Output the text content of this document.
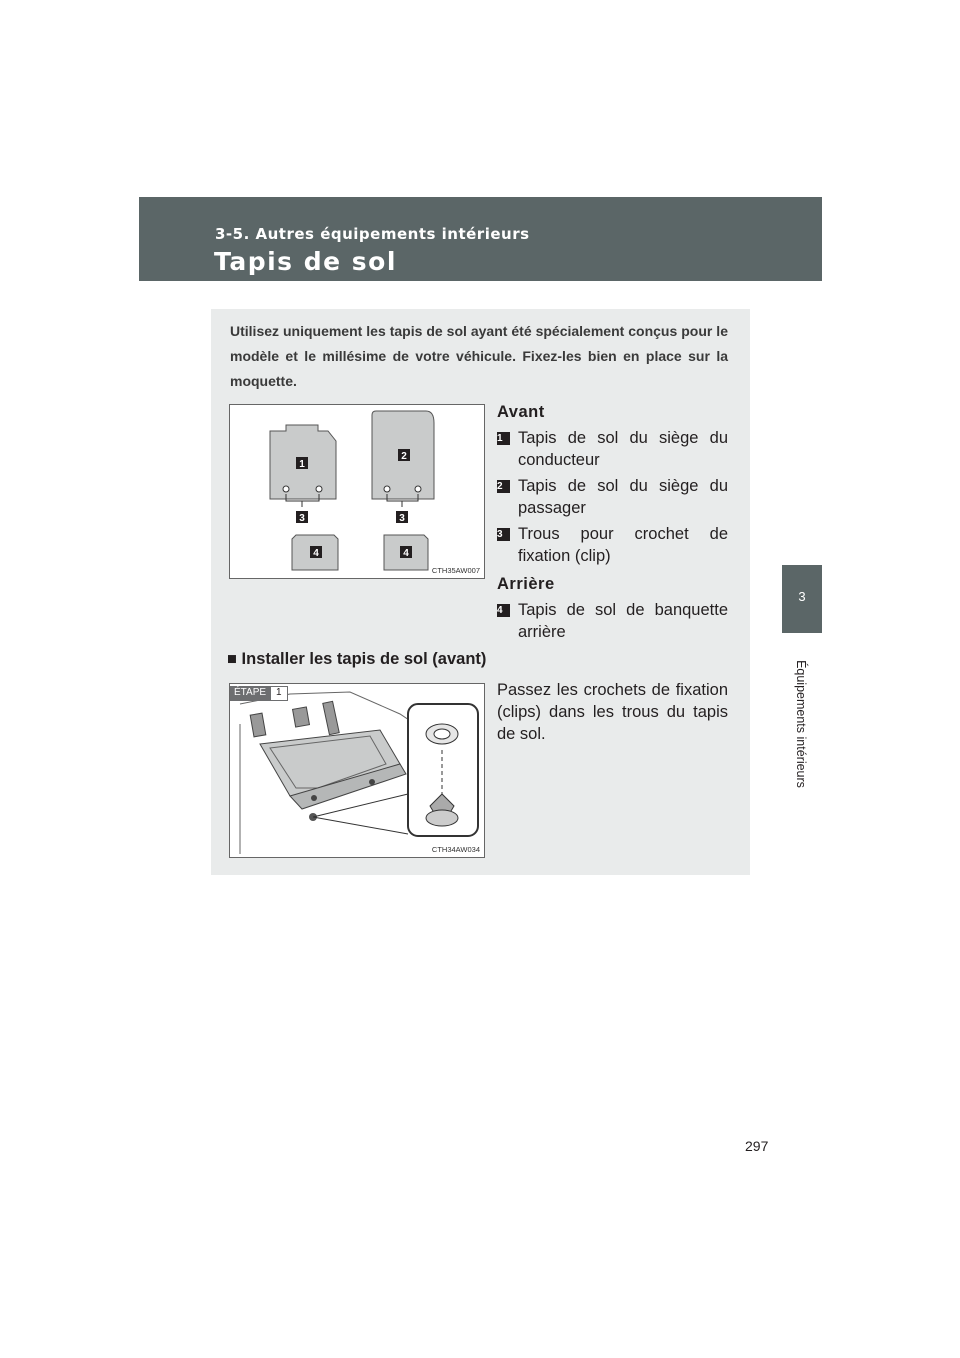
3-5. Autres équipements intérieurs
Tapis de sol
3
Équipements intérieurs
Utilisez uniquement les tapis de sol ayant été spécialement conçus pour le modèle et le millésime de votre véhicule. Fixez-les bien en place sur la moquette.
1
2
3	3
4	4
CTH35AW007
Avant
1 Tapis de sol du siège du conducteur
2 Tapis de sol du siège du passager
3 Trous pour crochet de fixation (clip)
Arrière
4 Tapis de sol de banquette arrière
■ Installer les tapis de sol (avant)
ÉTAPE	1
CTH34AW034
Passez les crochets de fixation (clips) dans les trous du tapis de sol.
297
